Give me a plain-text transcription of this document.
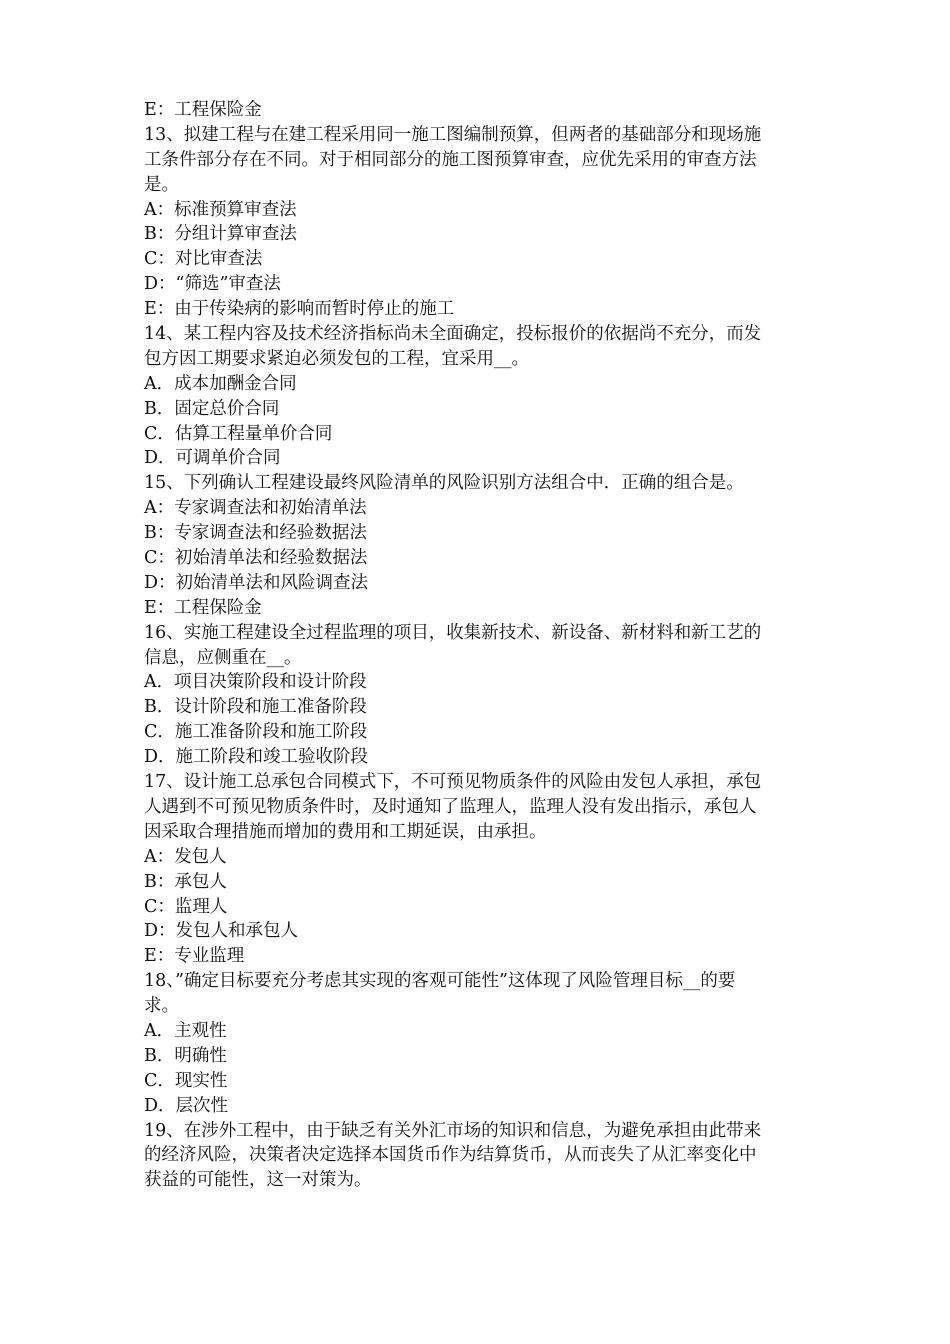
E：工程保险金
13、拟建工程与在建工程采用同一施工图编制预算，但两者的基础部分和现场施
工条件部分存在不同。对于相同部分的施工图预算审查，应优先采用的审查方法
是。
A：标准预算审查法
B：分组计算审查法
C：对比审查法
D：“筛选”审查法
E：由于传染病的影响而暂时停止的施工
14、某工程内容及技术经济指标尚未全面确定，投标报价的依据尚不充分，而发
包方因工期要求紧迫必须发包的工程，宜采用__。
A．成本加酬金合同
B．固定总价合同
C．估算工程量单价合同
D．可调单价合同
15、下列确认工程建设最终风险清单的风险识别方法组合中．正确的组合是。
A：专家调查法和初始清单法
B：专家调查法和经验数据法
C：初始清单法和经验数据法
D：初始清单法和风险调查法
E：工程保险金
16、实施工程建设全过程监理的项目，收集新技术、新设备、新材料和新工艺的
信息，应侧重在__。
A．项目决策阶段和设计阶段
B．设计阶段和施工准备阶段
C．施工准备阶段和施工阶段
D．施工阶段和竣工验收阶段
17、设计施工总承包合同模式下，不可预见物质条件的风险由发包人承担，承包
人遇到不可预见物质条件时，及时通知了监理人，监理人没有发出指示，承包人
因采取合理措施而增加的费用和工期延误，由承担。
A：发包人
B：承包人
C：监理人
D：发包人和承包人
E：专业监理
18、”确定目标要充分考虑其实现的客观可能性”这体现了风险管理目标__的要
求。
A．主观性
B．明确性
C．现实性
D．层次性
19、在涉外工程中，由于缺乏有关外汇市场的知识和信息，为避免承担由此带来
的经济风险，决策者决定选择本国货币作为结算货币，从而丧失了从汇率变化中
获益的可能性，这一对策为。
